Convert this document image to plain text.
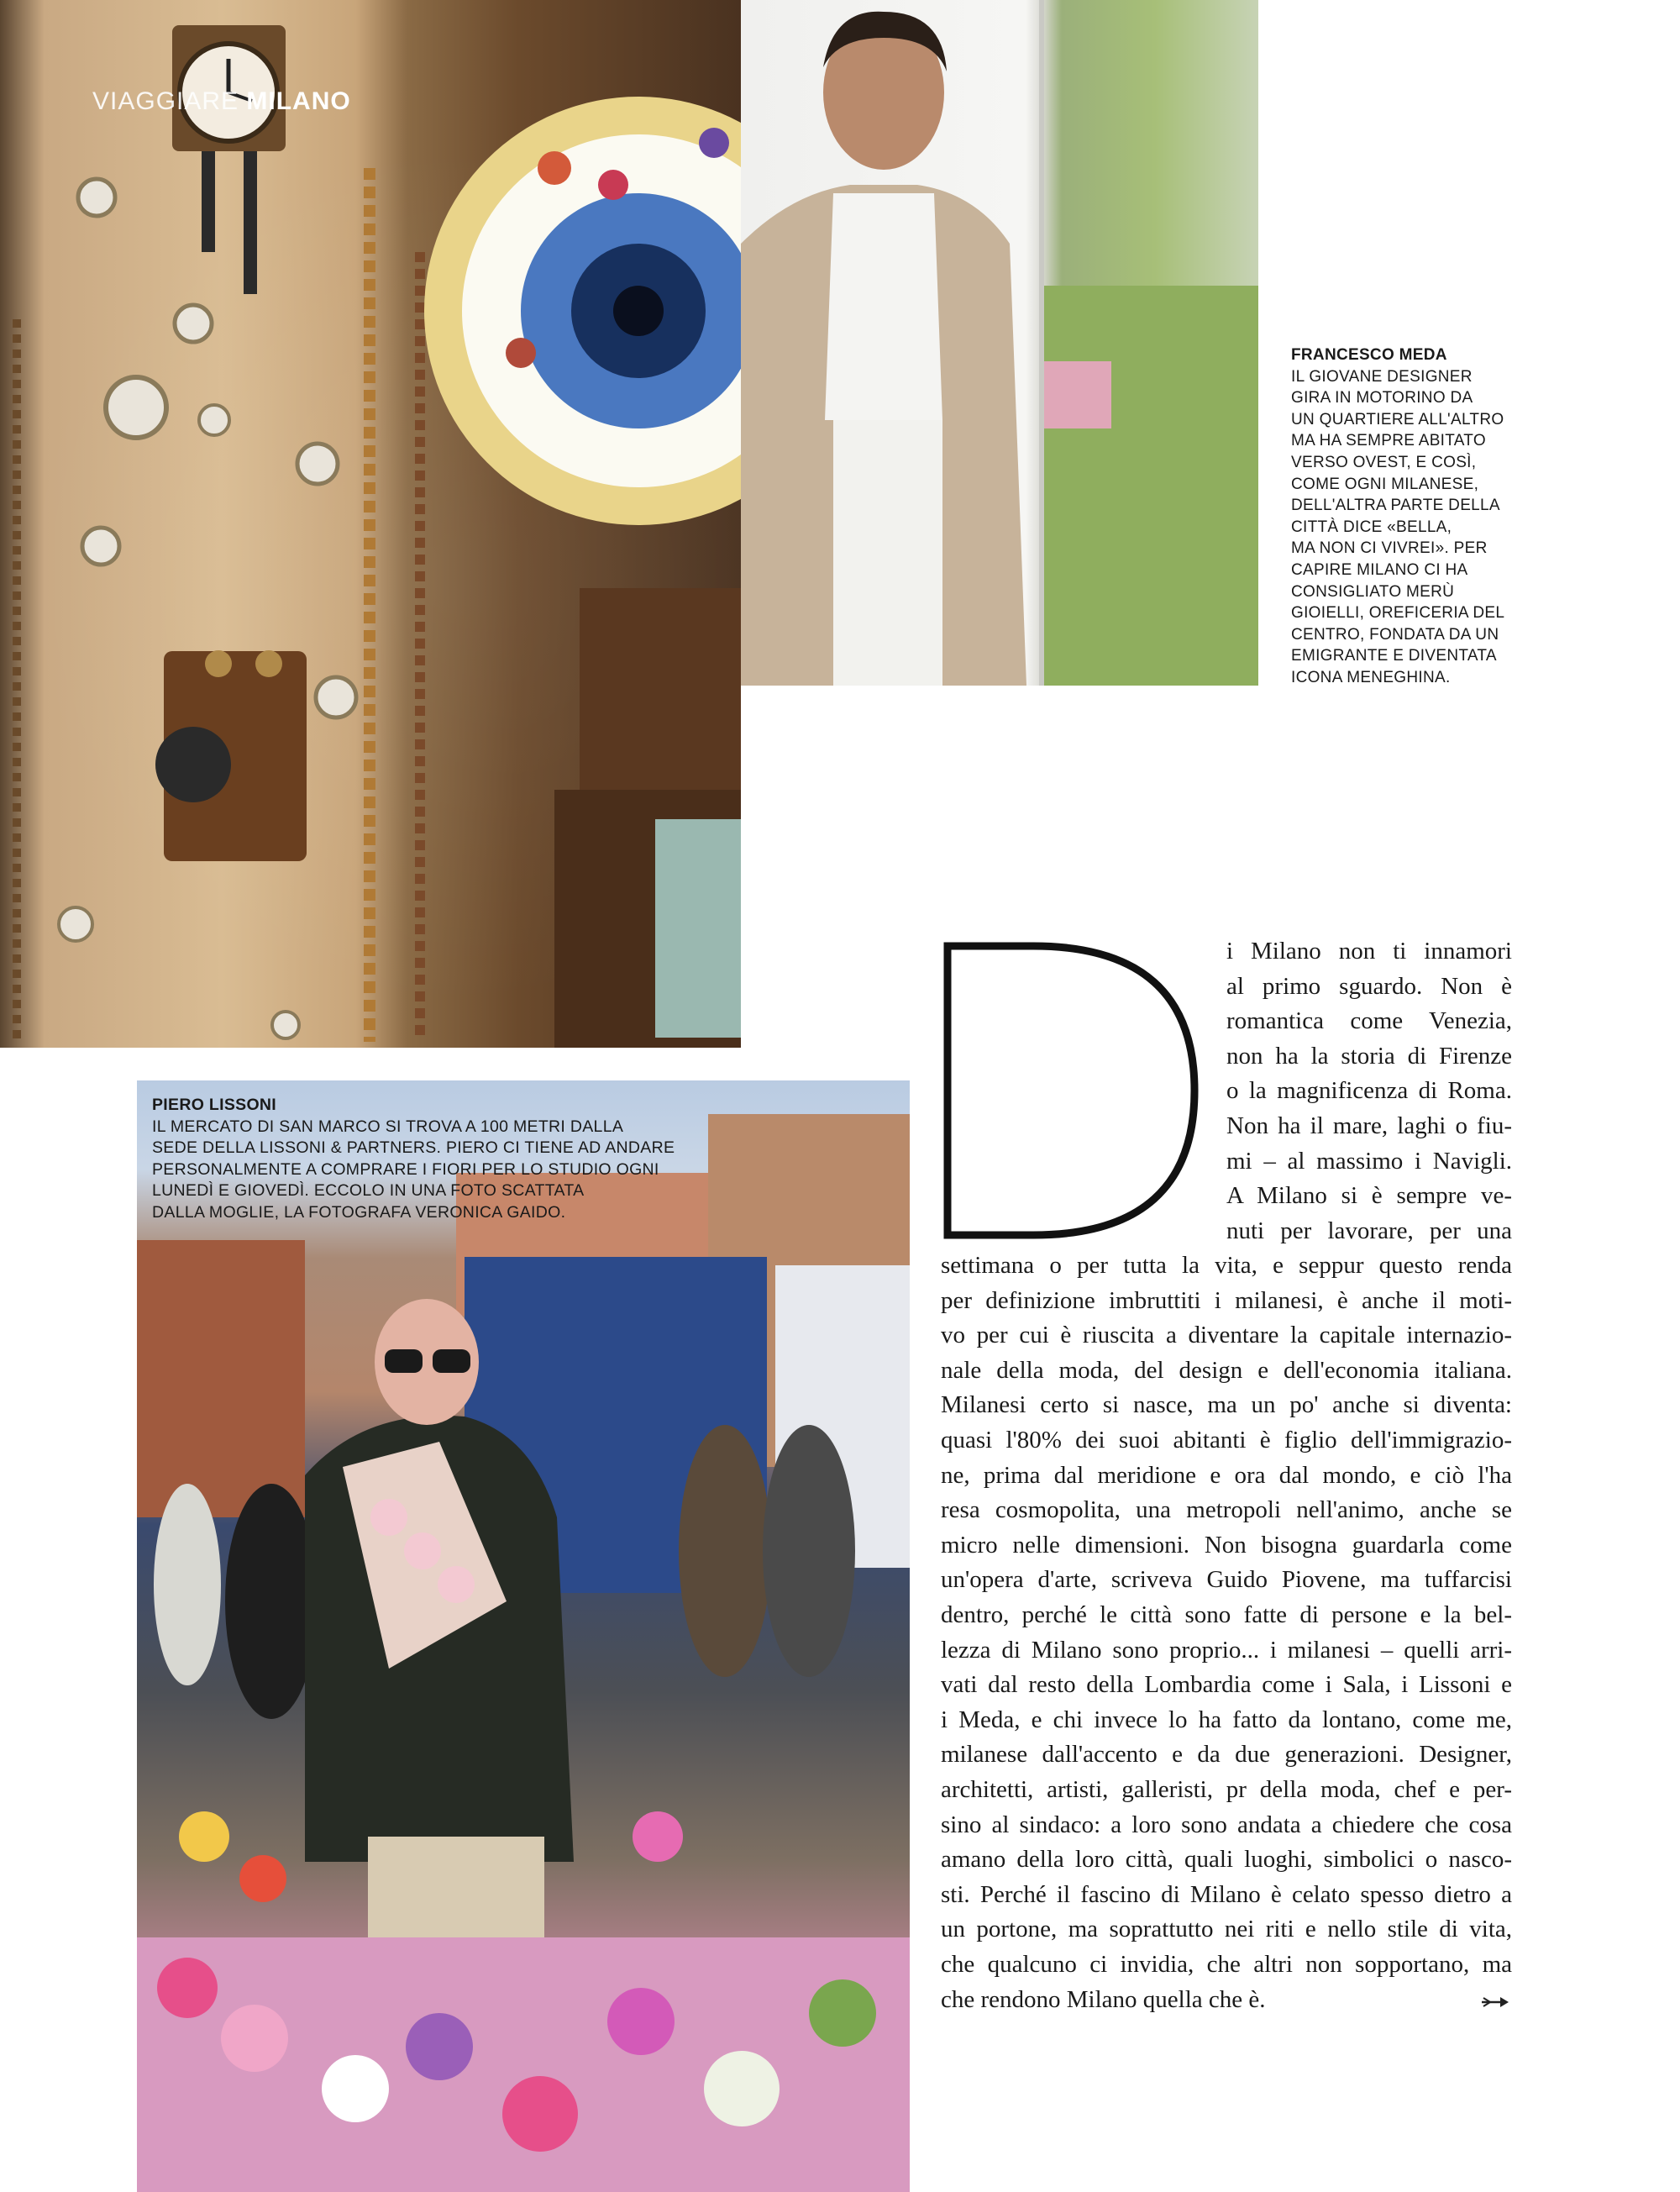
VIAGGIARE MILANO
FRANCESCO MEDA
IL GIOVANE DESIGNER
GIRA IN MOTORINO DA
UN QUARTIERE ALL'ALTRO
MA HA SEMPRE ABITATO
VERSO OVEST, E COSÌ,
COME OGNI MILANESE,
DELL'ALTRA PARTE DELLA
CITTÀ DICE «BELLA,
MA NON CI VIVREI». PER
CAPIRE MILANO CI HA
CONSIGLIATO MERÙ
GIOIELLI, OREFICERIA DEL
CENTRO, FONDATA DA UN
EMIGRANTE E DIVENTATA
ICONA MENEGHINA.
PIERO LISSONI
IL MERCATO DI SAN MARCO SI TROVA A 100 METRI DALLA
SEDE DELLA LISSONI & PARTNERS. PIERO CI TIENE AD ANDARE
PERSONALMENTE A COMPRARE I FIORI PER LO STUDIO OGNI
LUNEDÌ E GIOVEDÌ. ECCOLO IN UNA FOTO SCATTATA
DALLA MOGLIE, LA FOTOGRAFA VERONICA GAIDO.
i Milano non ti innamori
al primo sguardo. Non è
romantica come Venezia,
non ha la storia di Firenze
o la magnificenza di Roma.
Non ha il mare, laghi o fiu-
mi – al massimo i Navigli.
A Milano si è sempre ve-
nuti per lavorare, per una
settimana o per tutta la vita, e seppur questo renda
per definizione imbruttiti i milanesi, è anche il moti-
vo per cui è riuscita a diventare la capitale internazio-
nale della moda, del design e dell'economia italiana.
Milanesi certo si nasce, ma un po' anche si diventa:
quasi l'80% dei suoi abitanti è figlio dell'immigrazio-
ne, prima dal meridione e ora dal mondo, e ciò l'ha
resa cosmopolita, una metropoli nell'animo, anche se
micro nelle dimensioni. Non bisogna guardarla come
un'opera d'arte, scriveva Guido Piovene, ma tuffarcisi
dentro, perché le città sono fatte di persone e la bel-
lezza di Milano sono proprio... i milanesi – quelli arri-
vati dal resto della Lombardia come i Sala, i Lissoni e
i Meda, e chi invece lo ha fatto da lontano, come me,
milanese dall'accento e da due generazioni. Designer,
architetti, artisti, galleristi, pr della moda, chef e per-
sino al sindaco: a loro sono andata a chiedere che cosa
amano della loro città, quali luoghi, simbolici o nasco-
sti. Perché il fascino di Milano è celato spesso dietro a
un portone, ma soprattutto nei riti e nello stile di vita,
che qualcuno ci invidia, che altri non sopportano, ma
che rendono Milano quella che è.
